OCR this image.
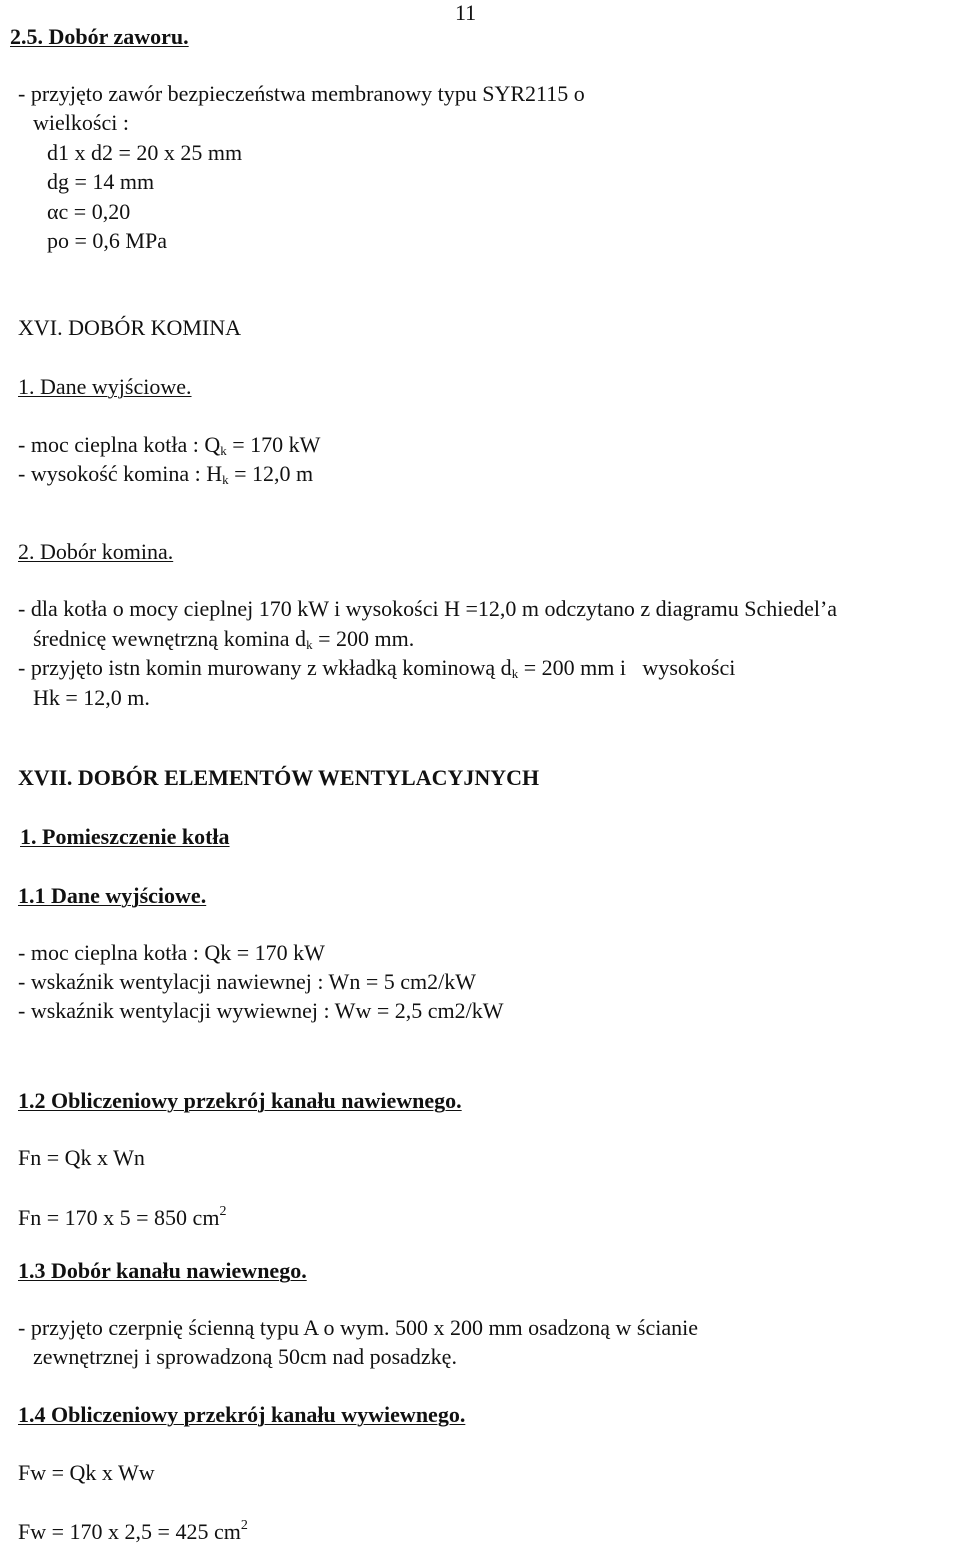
11
2.5. Dobór zaworu.
- przyjęto zawór bezpieczeństwa membranowy typu SYR2115 o
wielkości :
d1 x d2 = 20 x 25 mm
dg = 14 mm
αc = 0,20
po = 0,6 MPa
XVI. DOBÓR KOMINA
1. Dane wyjściowe.
- moc cieplna kotła : $Q_k = 170$ kW
- wysokość komina : $H_k = 12,0$ m
2. Dobór komina.
- dla kotła o mocy cieplnej 170 kW i wysokości H =12,0 m odczytano z diagramu Schiedel’a
średnicę wewnętrzną komina $d_k = 200$ mm.
- przyjęto istn komin murowany z wkładką kominową $d_k = 200$ mm i   wysokości
Hk = 12,0 m.
XVII. DOBÓR ELEMENTÓW WENTYLACYJNYCH
1. Pomieszczenie kotła
1.1 Dane wyjściowe.
- moc cieplna kotła : Qk = 170 kW
- wskaźnik wentylacji nawiewnej : Wn = 5 cm2/kW
- wskaźnik wentylacji wywiewnej : Ww = 2,5 cm2/kW
1.2 Obliczeniowy przekrój kanału nawiewnego.
Fn = Qk x Wn
Fn = 170 x 5 = 850 $cm^2$
1.3 Dobór kanału nawiewnego.
- przyjęto czerpnię ścienną typu A o wym. 500 x 200 mm osadzoną w ścianie
zewnętrznej i sprowadzoną 50cm nad posadzkę.
1.4 Obliczeniowy przekrój kanału wywiewnego.
Fw = Qk x Ww
Fw = 170 x 2,5 = 425 $cm^2$
